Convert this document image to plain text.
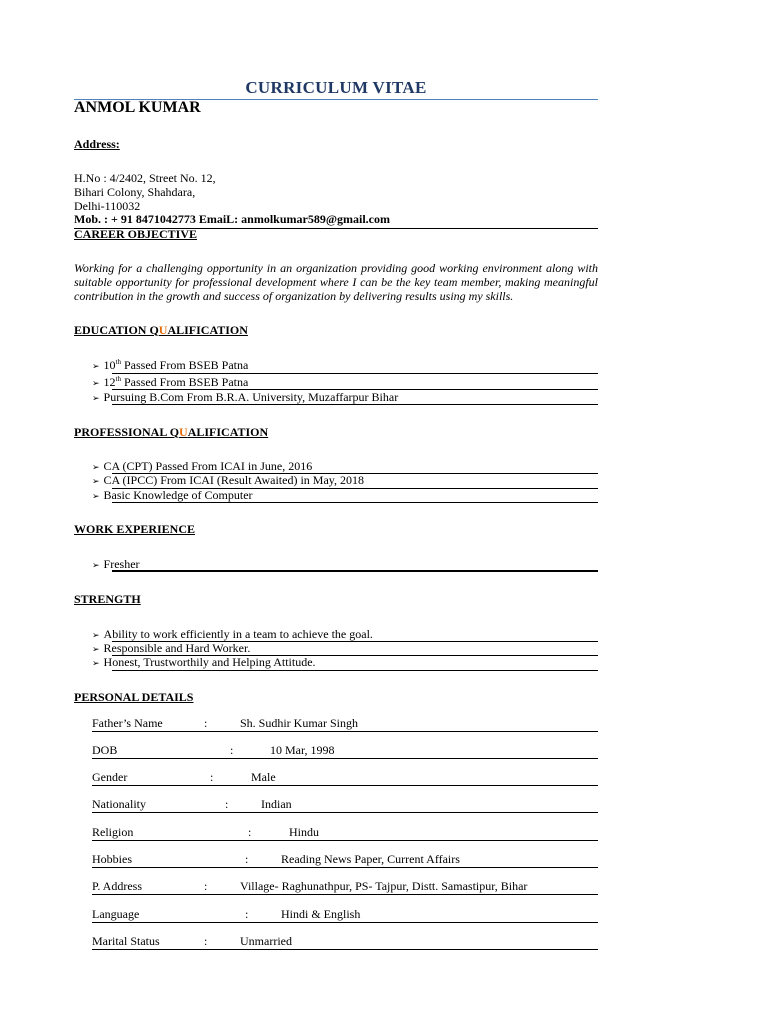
CURRICULUM VITAE
ANMOL KUMAR
Address:
H.No : 4/2402, Street No. 12,
Bihari Colony, Shahdara,
Delhi-110032
Mob. : + 91 8471042773 EmaiL: anmolkumar589@gmail.com
CAREER OBJECTIVE
Working for a challenging opportunity in an organization providing good working environment along with suitable opportunity for professional development where I can be the key team member, making meaningful contribution in the growth and success of organization by delivering results using my skills.
EDUCATION QUALIFICATION
➢ 10th Passed From BSEB Patna
➢ 12th Passed From BSEB Patna
➢ Pursuing B.Com From B.R.A. University, Muzaffarpur Bihar
PROFESSIONAL QUALIFICATION
➢ CA (CPT) Passed From ICAI in June, 2016
➢ CA (IPCC) From ICAI (Result Awaited) in May, 2018
➢ Basic Knowledge of Computer
WORK EXPERIENCE
➢ Fresher
STRENGTH
➢ Ability to work efficiently in a team to achieve the goal.
➢ Responsible and Hard Worker.
➢ Honest, Trustworthily and Helping Attitude.
PERSONAL DETAILS
Father’s Name	:	Sh. Sudhir Kumar Singh
DOB	:	10 Mar, 1998
Gender	:	Male
Nationality	:	Indian
Religion	:	Hindu
Hobbies	:	Reading News Paper, Current Affairs
P. Address	:	Village- Raghunathpur, PS- Tajpur, Distt. Samastipur, Bihar
Language	:	Hindi & English
Marital Status	:	Unmarried
